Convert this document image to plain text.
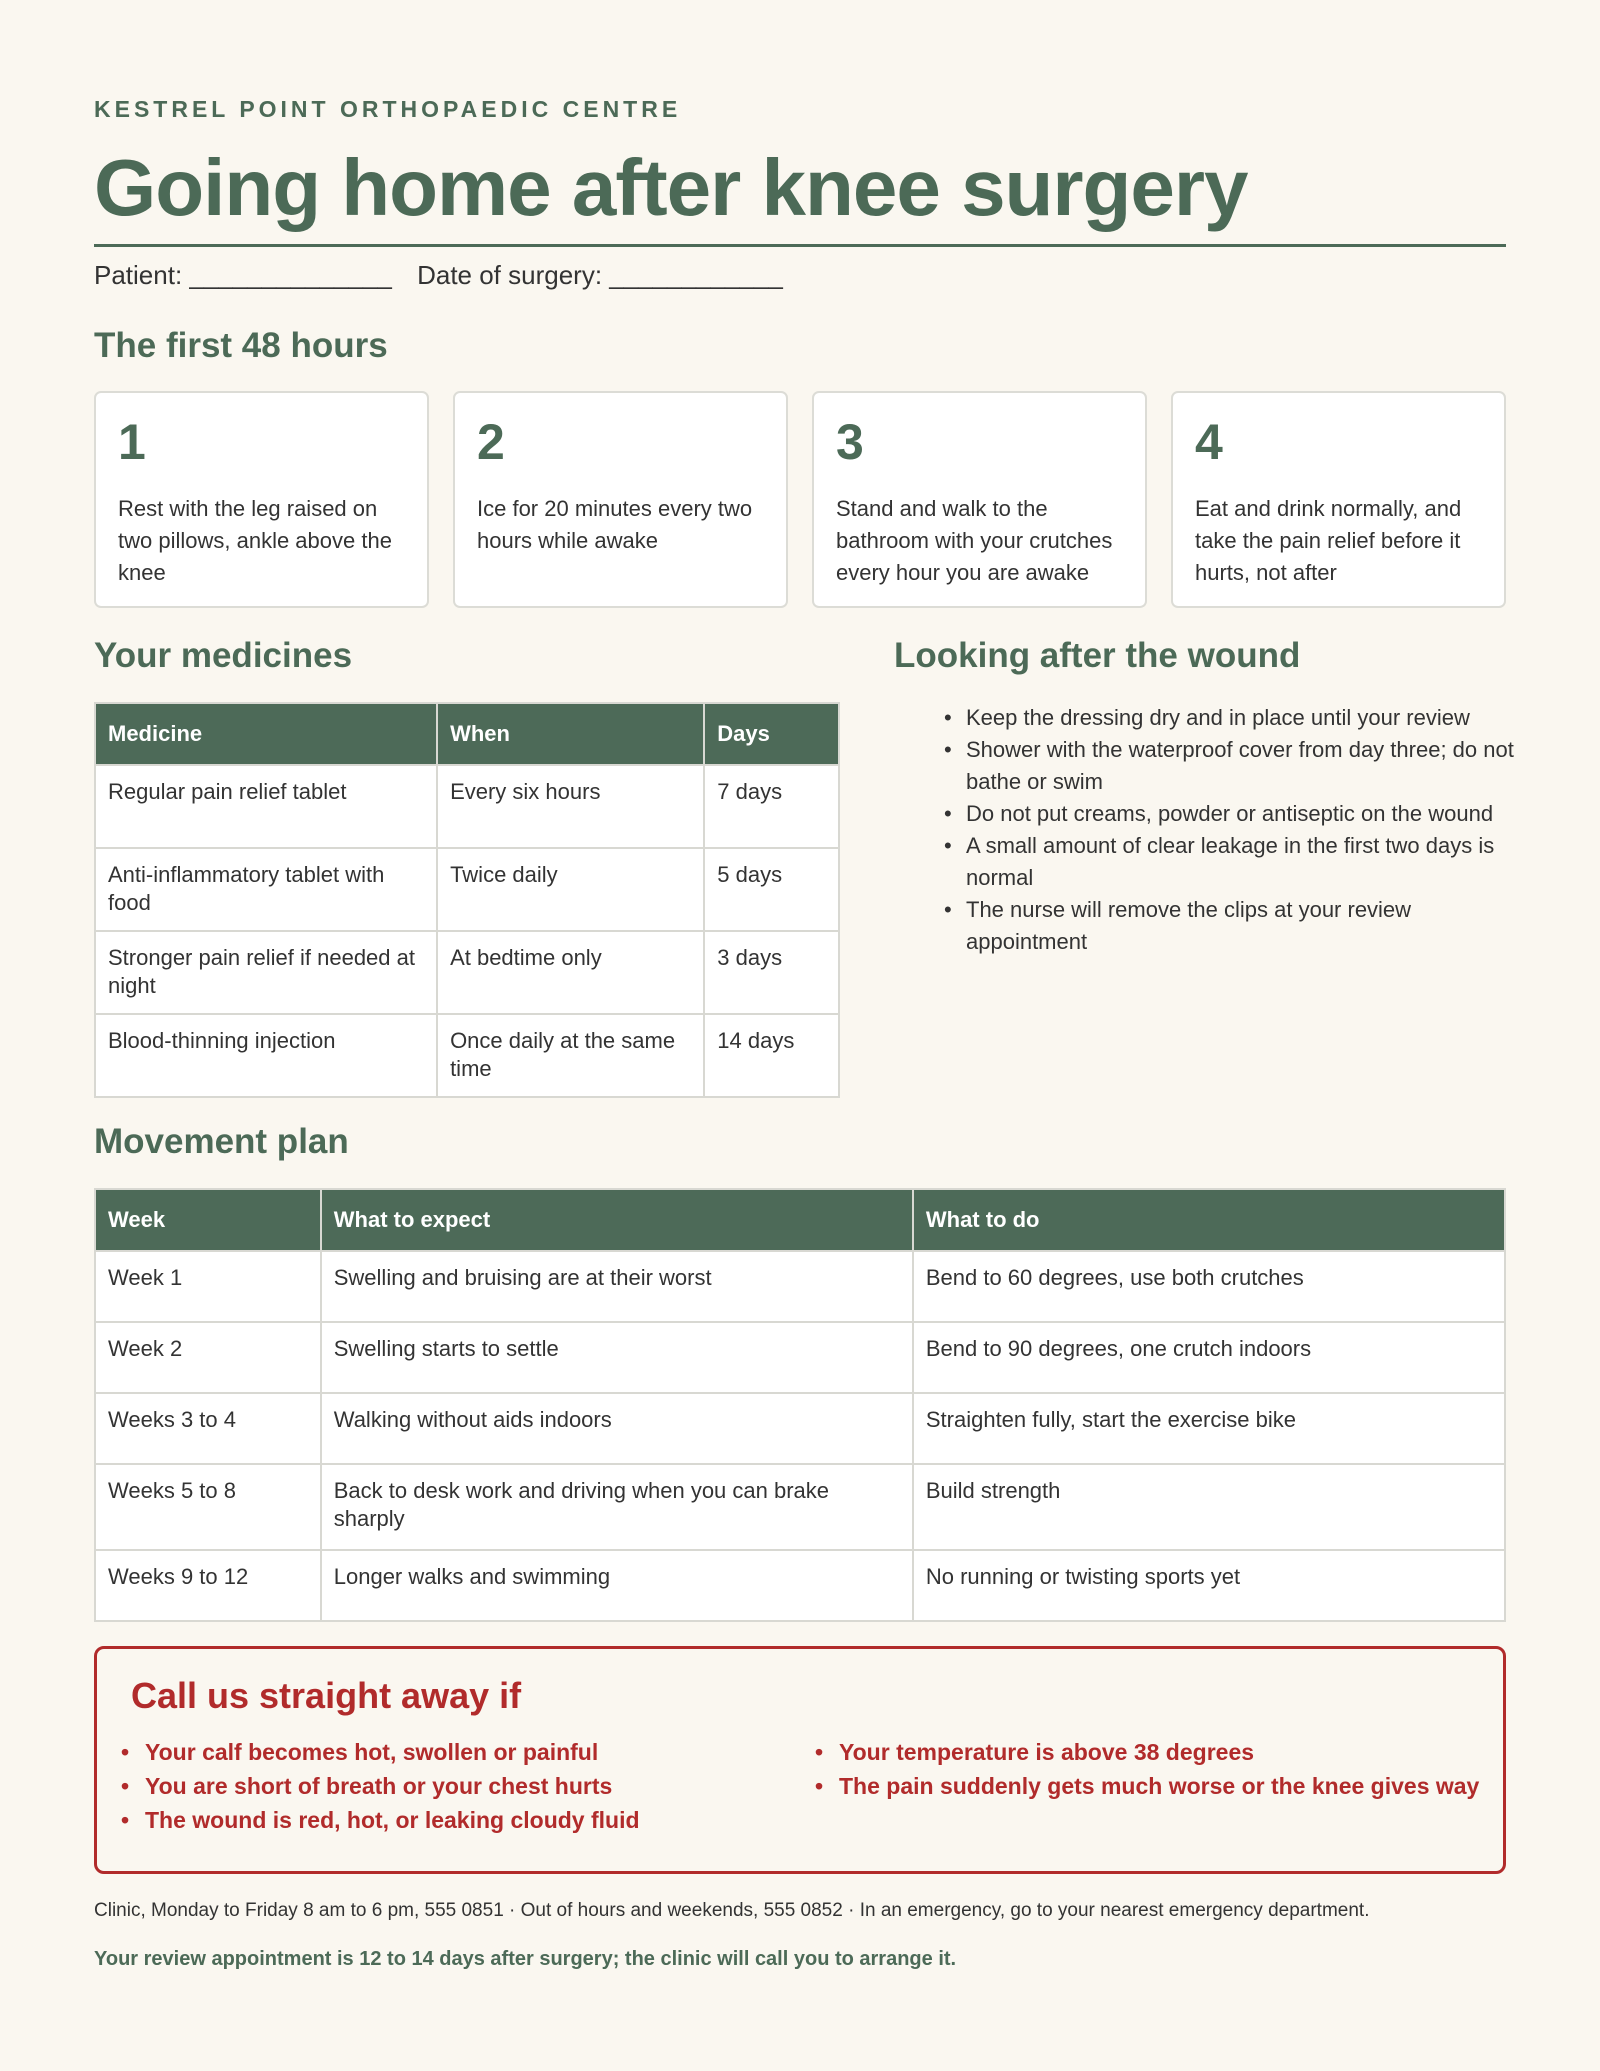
KESTREL POINT ORTHOPAEDIC CENTRE
Going home after knee surgery
Patient: ______________ Date of surgery: ____________
The first 48 hours
1
Rest with the leg raised on two pillows, ankle above the knee
2
Ice for 20 minutes every two hours while awake
3
Stand and walk to the bathroom with your crutches every hour you are awake
4
Eat and drink normally, and take the pain relief before it hurts, not after
Your medicines
Medicine	When	Days
Regular pain relief tablet	Every six hours	7 days
Anti-inflammatory tablet with food	Twice daily	5 days
Stronger pain relief if needed at night	At bedtime only	3 days
Blood-thinning injection	Once daily at the same time	14 days
Looking after the wound
• Keep the dressing dry and in place until your review
• Shower with the waterproof cover from day three; do not bathe or swim
• Do not put creams, powder or antiseptic on the wound
• A small amount of clear leakage in the first two days is normal
• The nurse will remove the clips at your review appointment
Movement plan
Week	What to expect	What to do
Week 1	Swelling and bruising are at their worst	Bend to 60 degrees, use both crutches
Week 2	Swelling starts to settle	Bend to 90 degrees, one crutch indoors
Weeks 3 to 4	Walking without aids indoors	Straighten fully, start the exercise bike
Weeks 5 to 8	Back to desk work and driving when you can brake sharply	Build strength
Weeks 9 to 12	Longer walks and swimming	No running or twisting sports yet
Call us straight away if
• Your calf becomes hot, swollen or painful
• You are short of breath or your chest hurts
• The wound is red, hot, or leaking cloudy fluid
• Your temperature is above 38 degrees
• The pain suddenly gets much worse or the knee gives way
Clinic, Monday to Friday 8 am to 6 pm, 555 0851 · Out of hours and weekends, 555 0852 · In an emergency, go to your nearest emergency department.
Your review appointment is 12 to 14 days after surgery; the clinic will call you to arrange it.
